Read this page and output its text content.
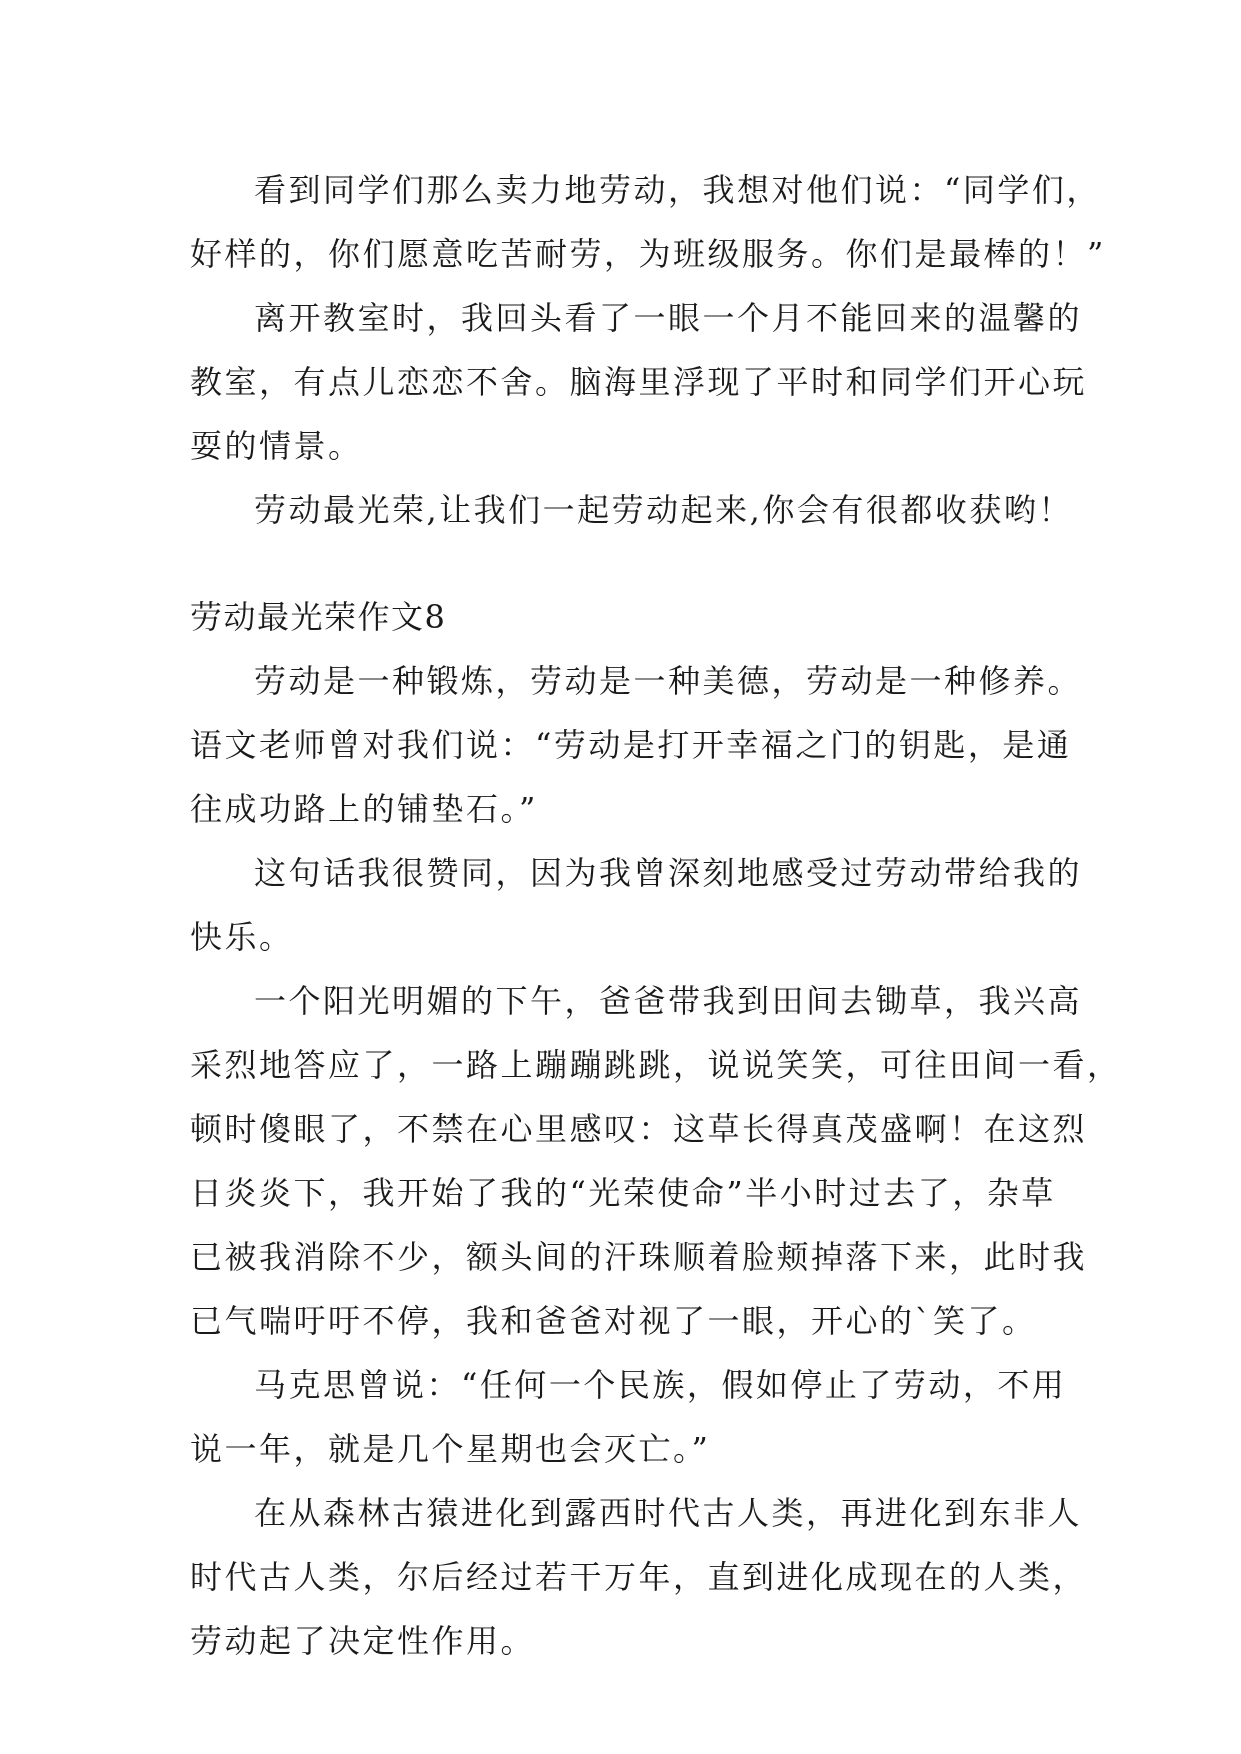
看到同学们那么卖力地劳动，我想对他们说：“同学们，
好样的，你们愿意吃苦耐劳，为班级服务。你们是最棒的！”
离开教室时，我回头看了一眼一个月不能回来的温馨的
教室，有点儿恋恋不舍。脑海里浮现了平时和同学们开心玩
耍的情景。
劳动最光荣,让我们一起劳动起来,你会有很都收获哟！
劳动最光荣作文8
劳动是一种锻炼，劳动是一种美德，劳动是一种修养。
语文老师曾对我们说：“劳动是打开幸福之门的钥匙，是通
往成功路上的铺垫石。”
这句话我很赞同，因为我曾深刻地感受过劳动带给我的
快乐。
一个阳光明媚的下午，爸爸带我到田间去锄草，我兴高
采烈地答应了，一路上蹦蹦跳跳，说说笑笑，可往田间一看，
顿时傻眼了，不禁在心里感叹：这草长得真茂盛啊！在这烈
日炎炎下，我开始了我的“光荣使命”半小时过去了，杂草
已被我消除不少，额头间的汗珠顺着脸颊掉落下来，此时我
已气喘吁吁不停，我和爸爸对视了一眼，开心的`笑了。
马克思曾说：“任何一个民族，假如停止了劳动，不用
说一年，就是几个星期也会灭亡。”
在从森林古猿进化到露西时代古人类，再进化到东非人
时代古人类，尔后经过若干万年，直到进化成现在的人类，
劳动起了决定性作用。
